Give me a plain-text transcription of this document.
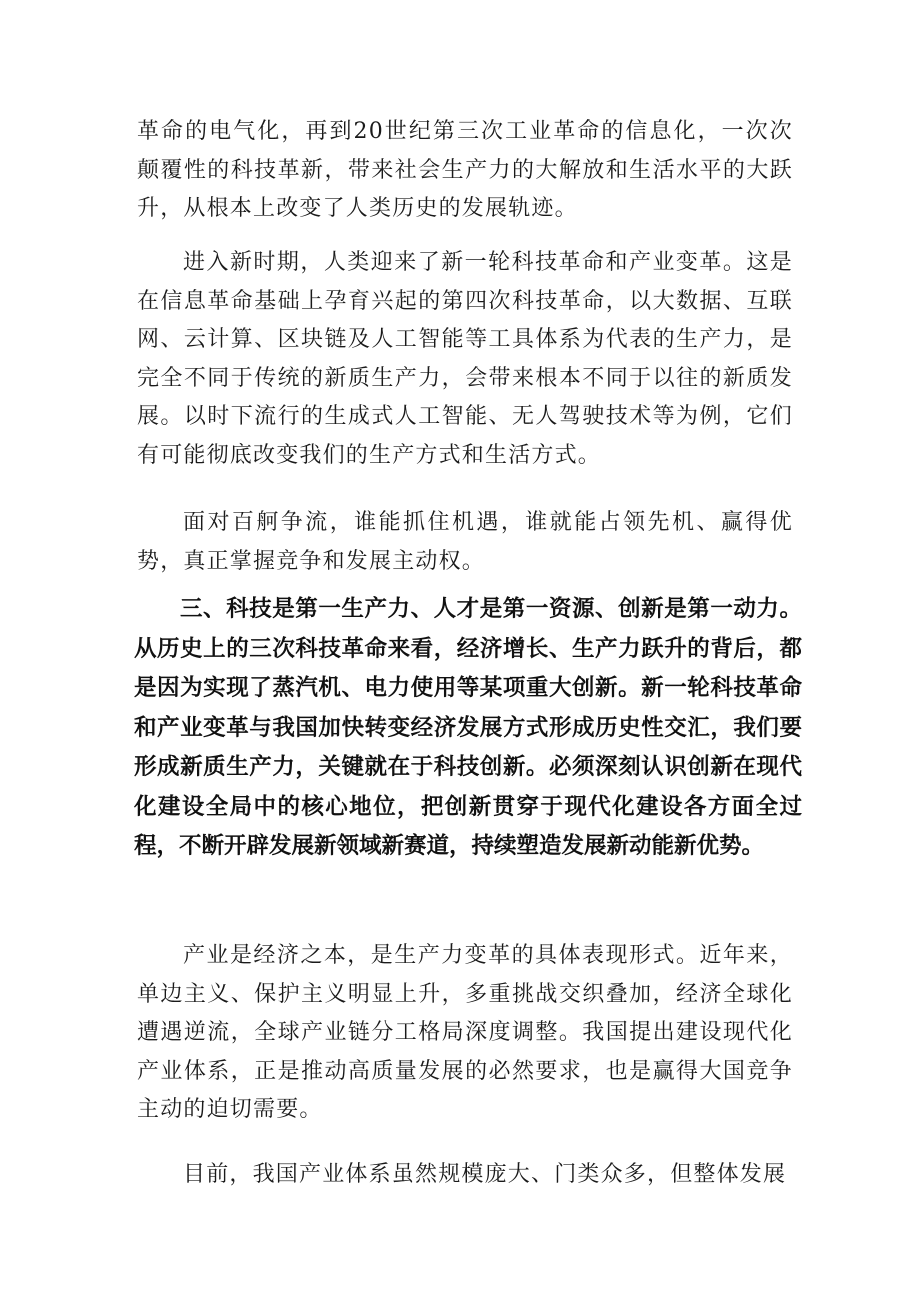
革命的电气化，再到20世纪第三次工业革命的信息化，一次次颠覆性的科技革新，带来社会生产力的大解放和生活水平的大跃升，从根本上改变了人类历史的发展轨迹。

进入新时期，人类迎来了新一轮科技革命和产业变革。这是在信息革命基础上孕育兴起的第四次科技革命，以大数据、互联网、云计算、区块链及人工智能等工具体系为代表的生产力，是完全不同于传统的新质生产力，会带来根本不同于以往的新质发展。以时下流行的生成式人工智能、无人驾驶技术等为例，它们有可能彻底改变我们的生产方式和生活方式。

面对百舸争流，谁能抓住机遇，谁就能占领先机、赢得优势，真正掌握竞争和发展主动权。

三、科技是第一生产力、人才是第一资源、创新是第一动力。从历史上的三次科技革命来看，经济增长、生产力跃升的背后，都是因为实现了蒸汽机、电力使用等某项重大创新。新一轮科技革命和产业变革与我国加快转变经济发展方式形成历史性交汇，我们要形成新质生产力，关键就在于科技创新。必须深刻认识创新在现代化建设全局中的核心地位，把创新贯穿于现代化建设各方面全过程，不断开辟发展新领域新赛道，持续塑造发展新动能新优势。

产业是经济之本，是生产力变革的具体表现形式。近年来，单边主义、保护主义明显上升，多重挑战交织叠加，经济全球化遭遇逆流，全球产业链分工格局深度调整。我国提出建设现代化产业体系，正是推动高质量发展的必然要求，也是赢得大国竞争主动的迫切需要。

目前，我国产业体系虽然规模庞大、门类众多，但整体发展
